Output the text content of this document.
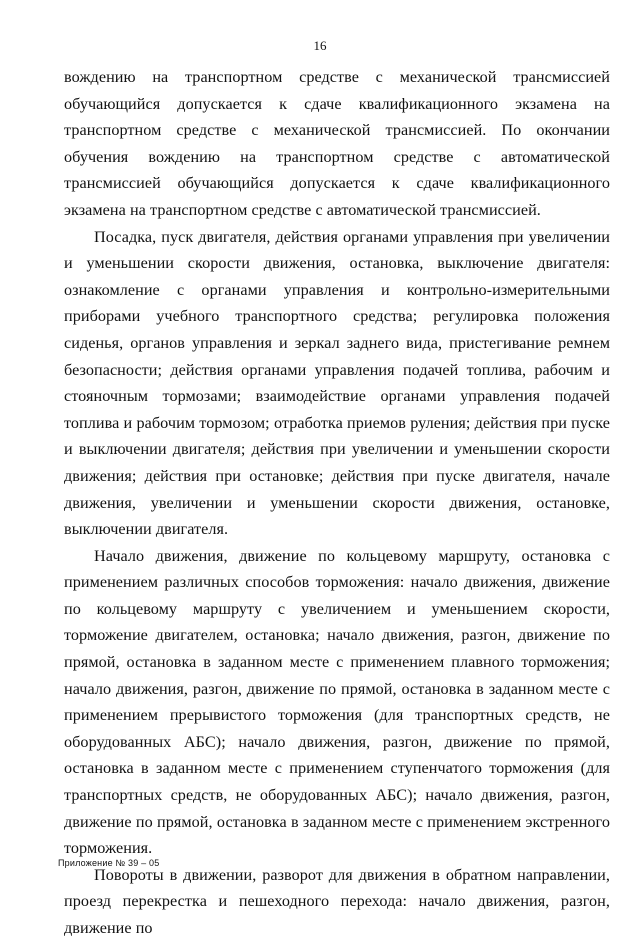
16

вождению на транспортном средстве с механической трансмиссией обучающийся допускается к сдаче квалификационного экзамена на транспортном средстве с механической трансмиссией. По окончании обучения вождению на транспортном средстве с автоматической трансмиссией обучающийся допускается к сдаче квалификационного экзамена на транспортном средстве с автоматической трансмиссией.

Посадка, пуск двигателя, действия органами управления при увеличении и уменьшении скорости движения, остановка, выключение двигателя: ознакомление с органами управления и контрольно-измерительными приборами учебного транспортного средства; регулировка положения сиденья, органов управления и зеркал заднего вида, пристегивание ремнем безопасности; действия органами управления подачей топлива, рабочим и стояночным тормозами; взаимодействие органами управления подачей топлива и рабочим тормозом; отработка приемов руления; действия при пуске и выключении двигателя; действия при увеличении и уменьшении скорости движения; действия при остановке; действия при пуске двигателя, начале движения, увеличении и уменьшении скорости движения, остановке, выключении двигателя.

Начало движения, движение по кольцевому маршруту, остановка с применением различных способов торможения: начало движения, движение по кольцевому маршруту с увеличением и уменьшением скорости, торможение двигателем, остановка; начало движения, разгон, движение по прямой, остановка в заданном месте с применением плавного торможения; начало движения, разгон, движение по прямой, остановка в заданном месте с применением прерывистого торможения (для транспортных средств, не оборудованных АБС); начало движения, разгон, движение по прямой, остановка в заданном месте с применением ступенчатого торможения (для транспортных средств, не оборудованных АБС); начало движения, разгон, движение по прямой, остановка в заданном месте с применением экстренного торможения.

Повороты в движении, разворот для движения в обратном направлении, проезд перекрестка и пешеходного перехода: начало движения, разгон, движение по

Приложение № 39 – 05
